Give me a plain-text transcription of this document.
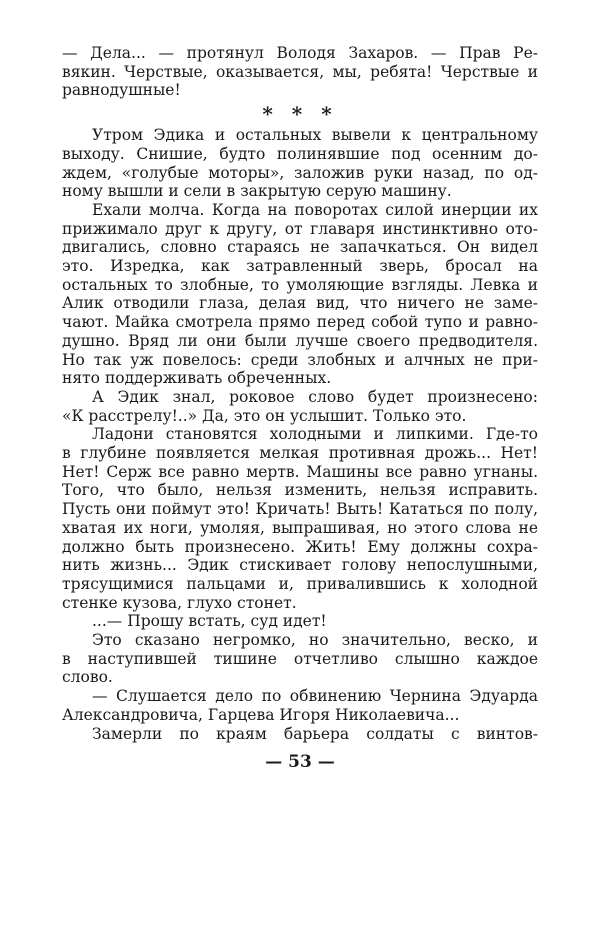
— Дела... — протянул Володя Захаров. — Прав Ре-
вякин. Черствые, оказывается, мы, ребята! Черствые и
равнодушные!
* * *
Утром Эдика и остальных вывели к центральному
выходу. Снишие, будто полинявшие под осенним до-
ждем, «голубые моторы», заложив руки назад, по од-
ному вышли и сели в закрытую серую машину.
Ехали молча. Когда на поворотах силой инерции их
прижимало друг к другу, от главаря инстинктивно отo-
двигались, словно стараясь не запачкаться. Он видел
это. Изредка, как затравленный зверь, бросал на
остальных то злобные, то умоляющие взгляды. Левка и
Алик отводили глаза, делая вид, что ничего не заме-
чают. Майка смотрела прямо перед собой тупо и равно-
душно. Вряд ли они были лучше своего предводителя.
Но так уж повелось: среди злобных и алчных не при-
нято поддерживать обреченных.
А Эдик знал, роковое слово будет произнесено:
«К расстрелу!..» Да, это он услышит. Только это.
Ладони становятся холодными и липкими. Где-то
в глубине появляется мелкая противная дрожь... Нет!
Нет! Серж все равно мертв. Машины все равно угнаны.
Того, что было, нельзя изменить, нельзя исправить.
Пусть они поймут это! Кричать! Выть! Кататься по полу,
хватая их ноги, умоляя, выпрашивая, но этого слова не
должно быть произнесено. Жить! Ему должны сохра-
нить жизнь... Эдик стискивает голову непослушными,
трясущимися пальцами и, привалившись к холодной
стенке кузова, глухо стонет.
...— Прошу встать, суд идет!
Это сказано негромко, но значительно, веско, и
в наступившей тишине отчетливо слышно каждое
слово.
— Слушается дело по обвинению Чернина Эдуарда
Александровича, Гарцева Игоря Николаевича...
Замерли по краям барьера солдаты с винтов-
— 53 —
